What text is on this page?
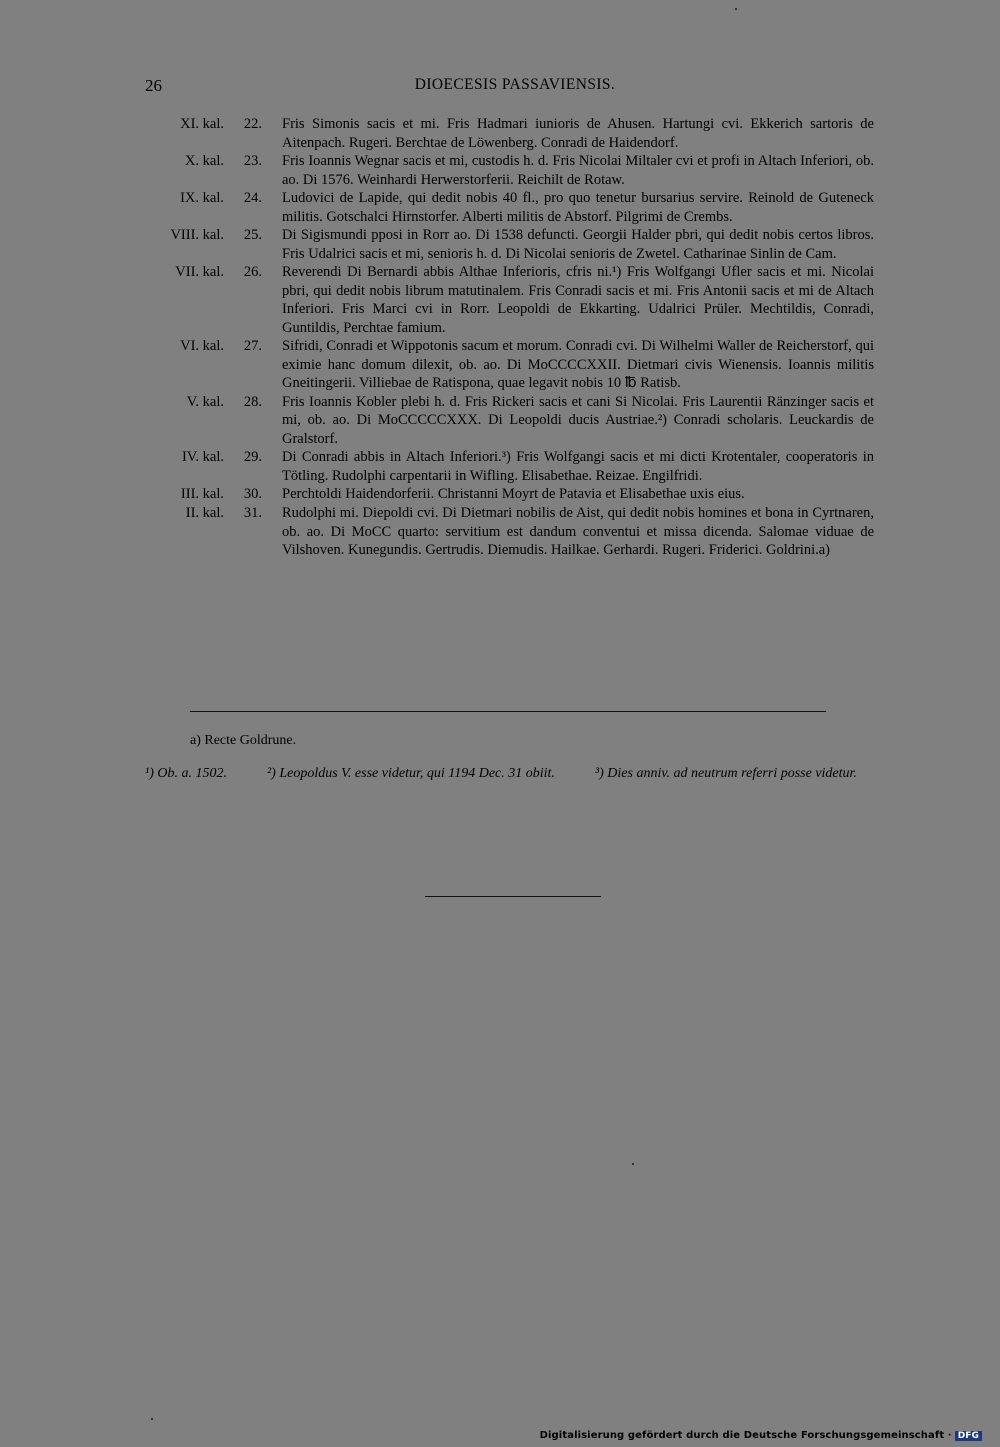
26	DIOECESIS PASSAVIENSIS.
XI. kal.	22. Fris Simonis sacis et mi. Fris Hadmari iunioris de Ahusen. Hartungi cvi. Ekkerich sartoris de Aitenpach. Rugeri. Berchtae de Löwenberg. Conradi de Haidendorf.
X. kal.	23. Fris Ioannis Wegnar sacis et mi, custodis h. d. Fris Nicolai Miltaler cvi et profi in Altach Inferiori, ob. ao. Di 1576. Weinhardi Herwerstorferii. Reichilt de Rotaw.
IX. kal.	24. Ludovici de Lapide, qui dedit nobis 40 fl., pro quo tenetur bursarius servire. Reinold de Guteneck militis. Gotschalci Hirnstorfer. Alberti militis de Abstorf. Pilgrimi de Crembs.
VIII. kal.	25. Di Sigismundi pposi in Rorr ao. Di 1538 defuncti. Georgii Halder pbri, qui dedit nobis certos libros. Fris Udalrici sacis et mi, senioris h. d. Di Nicolai senioris de Zwetel. Catharinae Sinlin de Cam.
VII. kal.	26. Reverendi Di Bernardi abbis Althae Inferioris, cfris ni.¹) Fris Wolfgangi Ufler sacis et mi. Nicolai pbri, qui dedit nobis librum matutinalem. Fris Conradi sacis et mi. Fris Antonii sacis et mi de Altach Inferiori. Fris Marci cvi in Rorr. Leopoldi de Ekkarting. Udalrici Prüler. Mechtildis, Conradi, Guntildis, Perchtae famium.
VI. kal.	27. Sifridi, Conradi et Wippotonis sacum et morum. Conradi cvi. Di Wilhelmi Waller de Reicherstorf, qui eximie hanc domum dilexit, ob. ao. Di MoCCCCXXII. Dietmari civis Wienensis. Ioannis militis Gneitingerii. Villiebae de Ratispona, quae legavit nobis 10 ℔ Ratisb.
V. kal.	28. Fris Ioannis Kobler plebi h. d. Fris Rickeri sacis et cani Si Nicolai. Fris Laurentii Ränzinger sacis et mi, ob. ao. Di MoCCCCCXXX. Di Leopoldi ducis Austriae.²) Conradi scholaris. Leuckardis de Gralstorf.
IV. kal.	29. Di Conradi abbis in Altach Inferiori.³) Fris Wolfgangi sacis et mi dicti Krotentaler, cooperatoris in Tötling. Rudolphi carpentarii in Wifling. Elisabethae. Reizae. Engilfridi.
III. kal.	30. Perchtoldi Haidendorferii. Christanni Moyrt de Patavia et Elisabethae uxis eius.
II. kal.	31. Rudolphi mi. Diepoldi cvi. Di Dietmari nobilis de Aist, qui dedit nobis homines et bona in Cyrtnaren, ob. ao. Di MoCC quarto: servitium est dandum conventui et missa dicenda. Salomae viduae de Vilshoven. Kunegundis. Gertrudis. Diemudis. Hailkae. Gerhardi. Rugeri. Friderici. Goldrini.a)
a) Recte Goldrune.
¹) Ob. a. 1502.	²) Leopoldus V. esse videtur, qui 1194 Dec. 31 obiit.	³) Dies anniv. ad neutrum referri posse videtur.
Digitalisierung gefördert durch die Deutsche Forschungsgemeinschaft · DFG
